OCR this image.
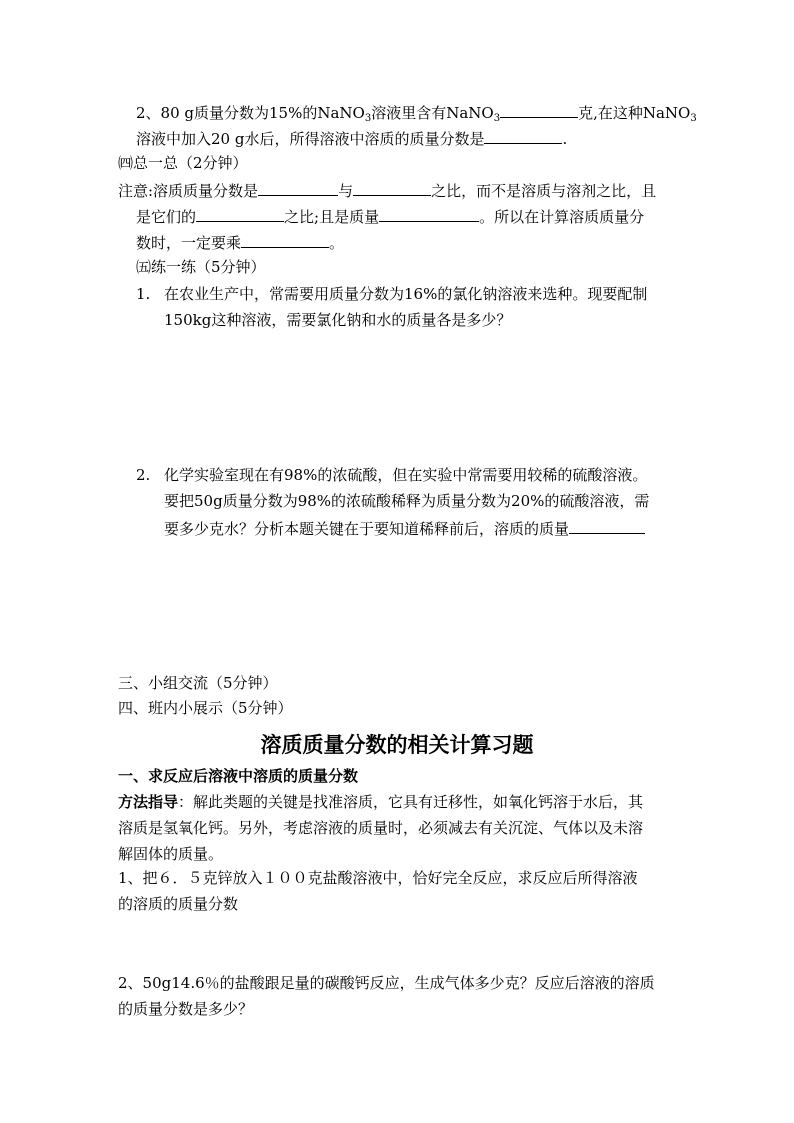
2、80 g质量分数为15%的NaNO$_3$溶液里含有NaNO$_3$	克,在这种NaNO$_3$
溶液中加入20 g水后，所得溶液中溶质的质量分数是	.
㈣总一总（2分钟）
注意:溶质质量分数是	与	之比，而不是溶质与溶剂之比，且
是它们的	之比;且是质量	。所以在计算溶质质量分
数时，一定要乘	。
㈤练一练（5分钟）
1. 在农业生产中，常需要用质量分数为16%的氯化钠溶液来选种。现要配制
150kg这种溶液，需要氯化钠和水的质量各是多少？
2. 化学实验室现在有98%的浓硫酸，但在实验中常需要用较稀的硫酸溶液。
要把50g质量分数为98%的浓硫酸稀释为质量分数为20%的硫酸溶液，需
要多少克水？分析本题关键在于要知道稀释前后，溶质的质量
三、小组交流（5分钟）
四、班内小展示（5分钟）
溶质质量分数的相关计算习题
一、求反应后溶液中溶质的质量分数
方法指导：解此类题的关键是找准溶质，它具有迁移性，如氧化钙溶于水后，其
溶质是氢氧化钙。另外，考虑溶液的质量时，必须减去有关沉淀、气体以及未溶
解固体的质量。
1、把６．５克锌放入１００克盐酸溶液中，恰好完全反应，求反应后所得溶液
的溶质的质量分数
2、50g14.6％的盐酸跟足量的碳酸钙反应，生成气体多少克？反应后溶液的溶质
的质量分数是多少？
